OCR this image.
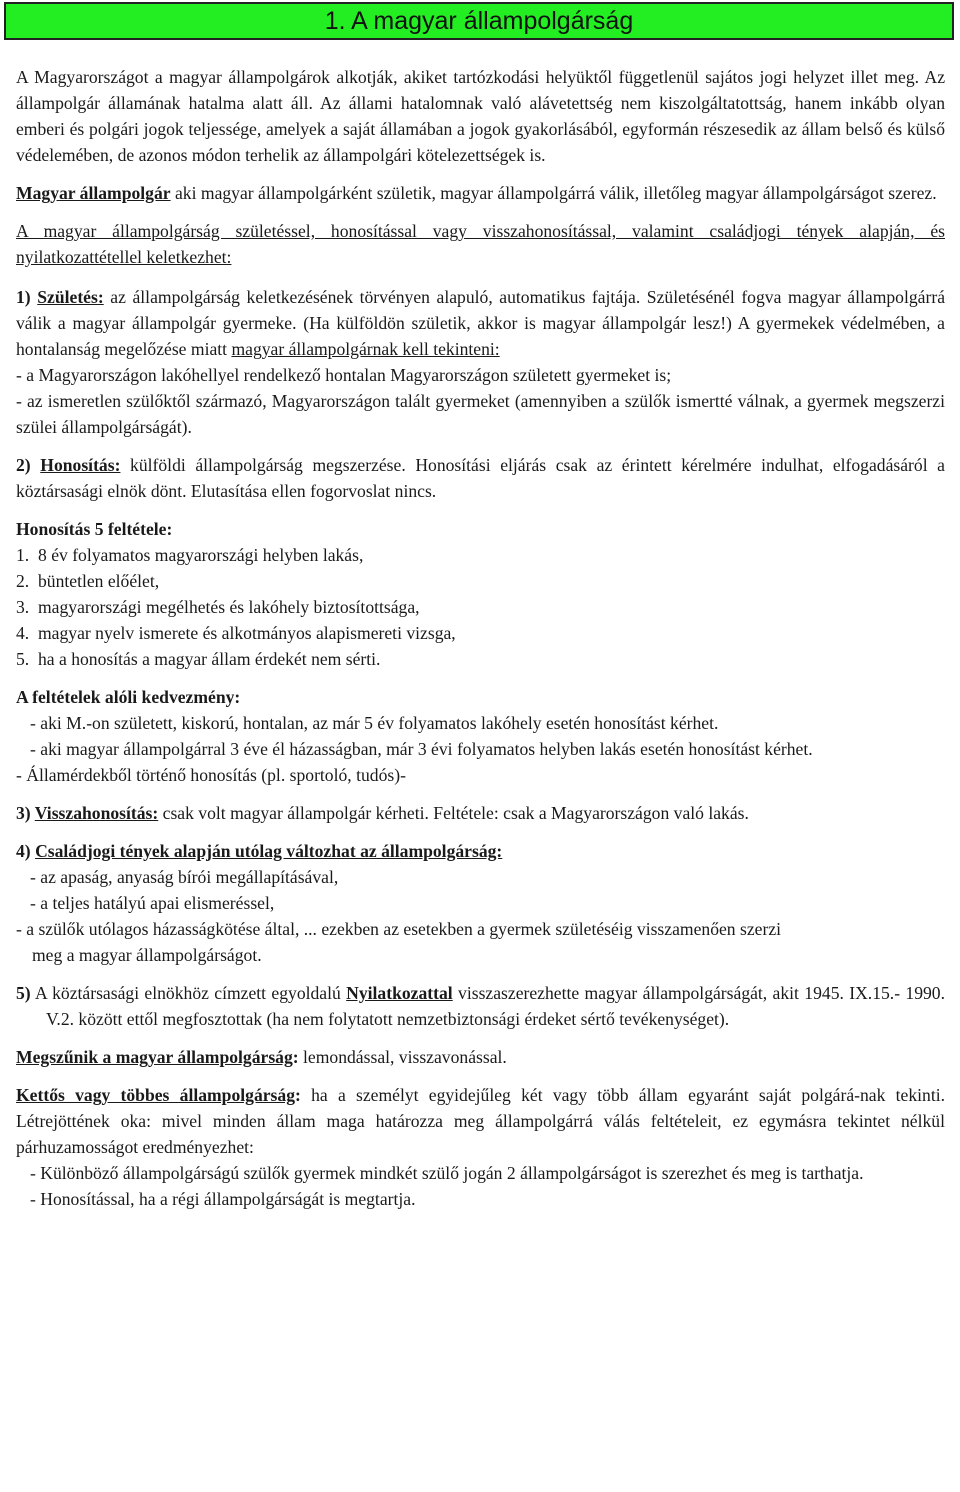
1. A magyar állampolgárság

A Magyarországot a magyar állampolgárok alkotják, akiket tartózkodási helyüktől függetlenül sajátos jogi helyzet illet meg. Az állampolgár államának hatalma alatt áll. Az állami hatalomnak való alávetettség nem kiszolgáltatottság, hanem inkább olyan emberi és polgári jogok teljessége, amelyek a saját államában a jogok gyakorlásából, egyformán részesedik az állam belső és külső védelemében, de azonos módon terhelik az állampolgári kötelezettségek is.

Magyar állampolgár aki magyar állampolgárként születik, magyar állampolgárrá válik, illetőleg magyar állampolgárságot szerez.

A magyar állampolgárság születéssel, honosítással vagy visszahonosítással, valamint családjogi tények alapján, és nyilatkozattétellel keletkezhet:

1) Születés: az állampolgárság keletkezésének törvényen alapuló, automatikus fajtája. Születésénél fogva magyar állampolgárrá válik a magyar állampolgár gyermeke. (Ha külföldön születik, akkor is magyar állampolgár lesz!) A gyermekek védelmében, a hontalanság megelőzése miatt magyar állampolgárnak kell tekinteni:

- a Magyarországon lakóhellyel rendelkező hontalan Magyarországon született gyermeket is;

- az ismeretlen szülőktől származó, Magyarországon talált gyermeket (amennyiben a szülők ismertté válnak, a gyermek megszerzi szülei állampolgárságát).

2) Honosítás: külföldi állampolgárság megszerzése. Honosítási eljárás csak az érintett kérelmére indulhat, elfogadásáról a köztársasági elnök dönt. Elutasítása ellen fogorvoslat nincs.

Honosítás 5 feltétele:

1.  8 év folyamatos magyarországi helyben lakás,

2.  büntetlen előélet,

3.  magyarországi megélhetés és lakóhely biztosítottsága,

4.  magyar nyelv ismerete és alkotmányos alapismereti vizsga,

5.  ha a honosítás a magyar állam érdekét nem sérti.

A feltételek alóli kedvezmény:

- aki M.-on született, kiskorú, hontalan, az már 5 év folyamatos lakóhely esetén honosítást kérhet.

- aki magyar állampolgárral 3 éve él házasságban, már 3 évi folyamatos helyben lakás esetén honosítást kérhet.

- Államérdekből történő honosítás (pl. sportoló, tudós)-

3) Visszahonosítás: csak volt magyar állampolgár kérheti. Feltétele: csak a Magyarországon való lakás.

4) Családjogi tények alapján utólag változhat az állampolgárság:

- az apaság, anyaság bírói megállapításával,

- a teljes hatályú apai elismeréssel,

- a szülők utólagos házasságkötése által, ... ezekben az esetekben a gyermek születéséig visszamenően szerzi

meg a magyar állampolgárságot.

5) A köztársasági elnökhöz címzett egyoldalú Nyilatkozattal visszaszerezhette magyar állampolgárságát, akit 1945. IX.15.- 1990. V.2. között ettől megfosztottak (ha nem folytatott nemzetbiztonsági érdeket sértő tevékenységet).

Megszűnik a magyar állampolgárság: lemondással, visszavonással.

Kettős vagy többes állampolgárság: ha a személyt egyidejűleg két vagy több állam egyaránt saját polgárá-nak tekinti. Létrejöttének oka: mivel minden állam maga határozza meg állampolgárrá válás feltételeit, ez egymásra tekintet nélkül párhuzamosságot eredményezhet:

- Különböző állampolgárságú szülők gyermek mindkét szülő jogán 2 állampolgárságot is szerezhet és meg is tarthatja.

- Honosítással, ha a régi állampolgárságát is megtartja.
